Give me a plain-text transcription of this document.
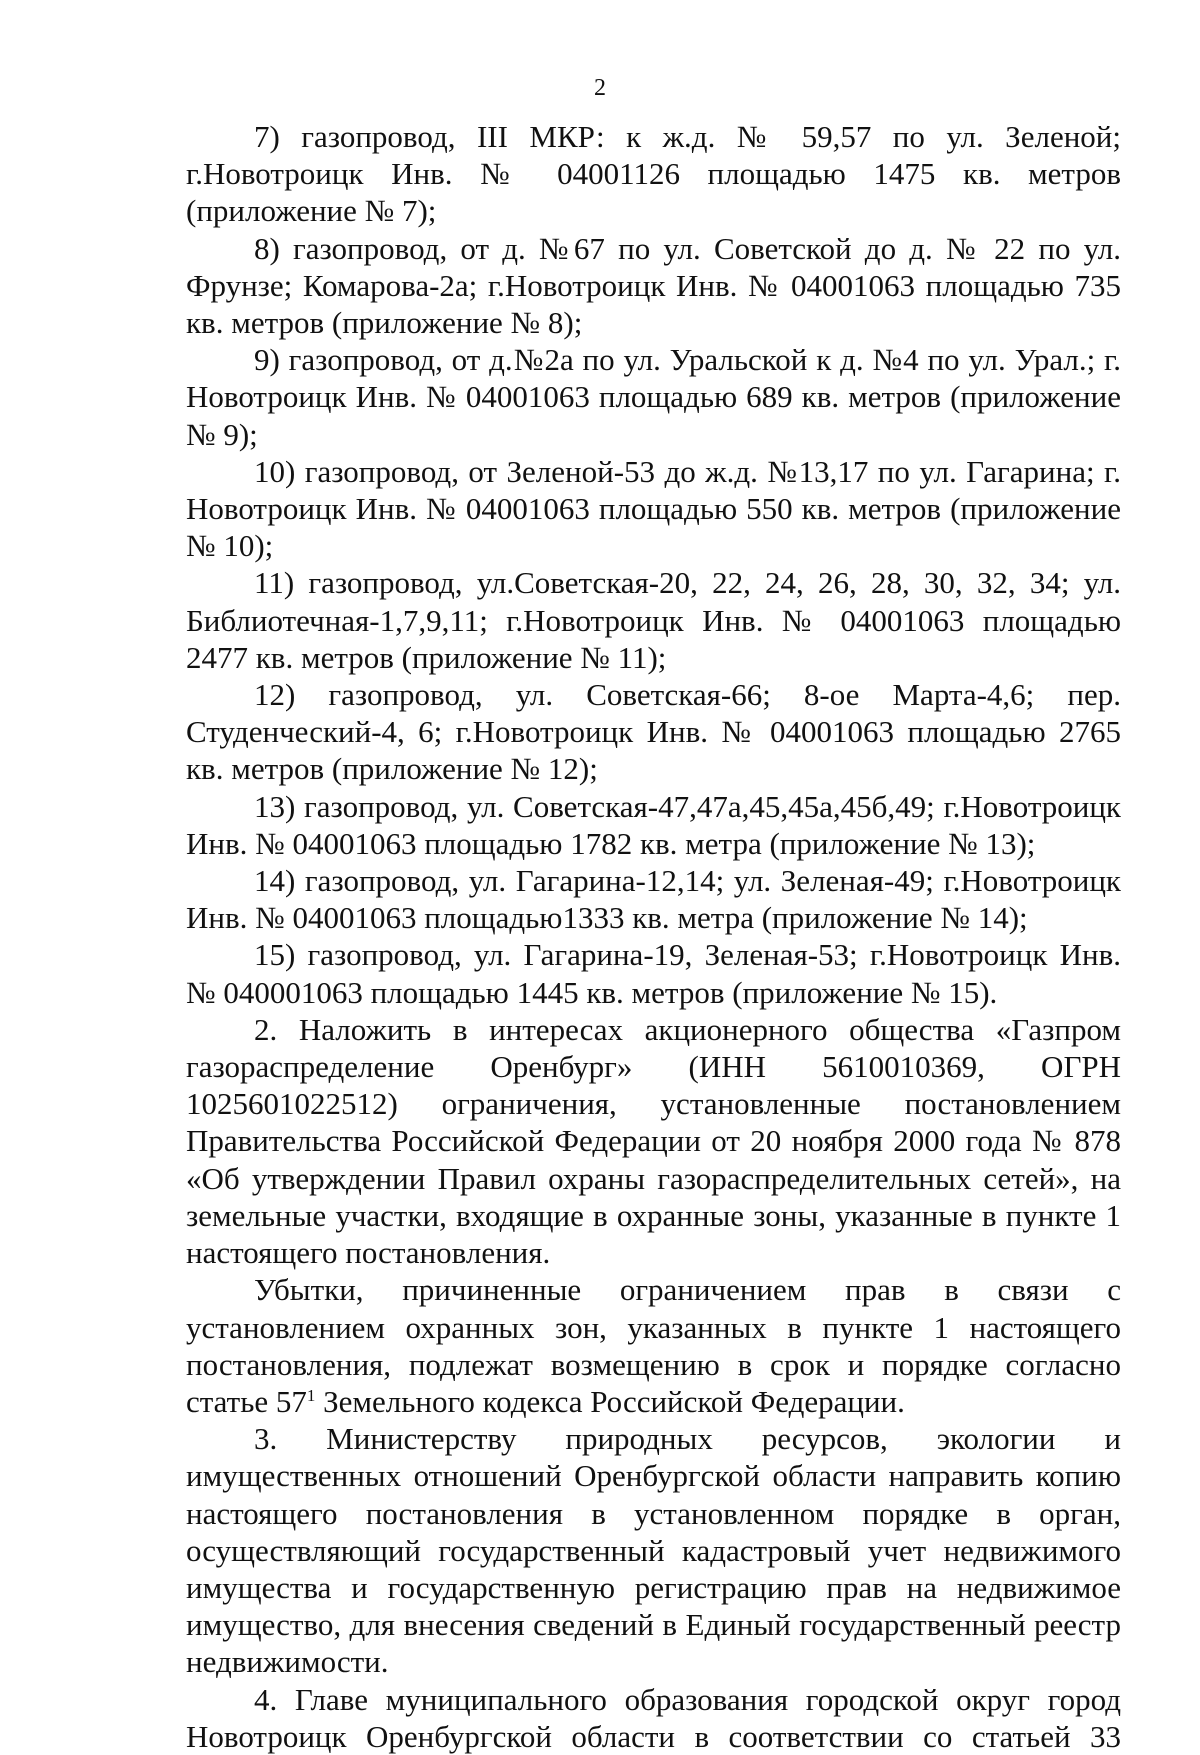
2

7) газопровод, III МКР: к ж.д. № 59,57 по ул. Зеленой; г.Новотроицк Инв. № 04001126 площадью 1475 кв. метров (приложение № 7);

8) газопровод, от д. №67 по ул. Советской до д. № 22 по ул. Фрунзе; Комарова-2а; г.Новотроицк Инв. № 04001063 площадью 735 кв. метров (приложение № 8);

9) газопровод, от д.№2а по ул. Уральской к д. №4 по ул. Урал.; г. Новотроицк Инв. № 04001063 площадью 689 кв. метров (приложение № 9);

10) газопровод, от Зеленой-53 до ж.д. №13,17 по ул. Гагарина; г. Новотроицк Инв. № 04001063 площадью 550 кв. метров (приложение № 10);

11) газопровод, ул.Советская-20, 22, 24, 26, 28, 30, 32, 34; ул. Библиотечная-1,7,9,11; г.Новотроицк Инв. № 04001063 площадью 2477 кв. метров (приложение № 11);

12) газопровод, ул. Советская-66; 8-ое Марта-4,6; пер. Студенческий-4, 6; г.Новотроицк Инв. № 04001063 площадью 2765 кв. метров (приложение № 12);

13) газопровод, ул. Советская-47,47а,45,45а,45б,49; г.Новотроицк Инв. № 04001063 площадью 1782 кв. метра (приложение № 13);

14) газопровод, ул. Гагарина-12,14; ул. Зеленая-49; г.Новотроицк Инв. № 04001063 площадью1333 кв. метра (приложение № 14);

15) газопровод, ул. Гагарина-19, Зеленая-53; г.Новотроицк Инв. № 040001063 площадью 1445 кв. метров (приложение № 15).

2. Наложить в интересах акционерного общества «Газпром газораспределение Оренбург» (ИНН 5610010369, ОГРН 1025601022512) ограничения, установленные постановлением Правительства Российской Федерации от 20 ноября 2000 года № 878 «Об утверждении Правил охраны газораспределительных сетей», на земельные участки, входящие в охранные зоны, указанные в пункте 1 настоящего постановления.

Убытки, причиненные ограничением прав в связи с установлением охранных зон, указанных в пункте 1 настоящего постановления, подлежат возмещению в срок и порядке согласно статье $57^1$ Земельного кодекса Российской Федерации.

3. Министерству природных ресурсов, экологии и имущественных отношений Оренбургской области направить копию настоящего постановления в установленном порядке в орган, осуществляющий государственный кадастровый учет недвижимого имущества и государственную регистрацию прав на недвижимое имущество, для внесения сведений в Единый государственный реестр недвижимости.

4. Главе муниципального образования городской округ город Новотроицк Оренбургской области в соответствии со статьей 33
